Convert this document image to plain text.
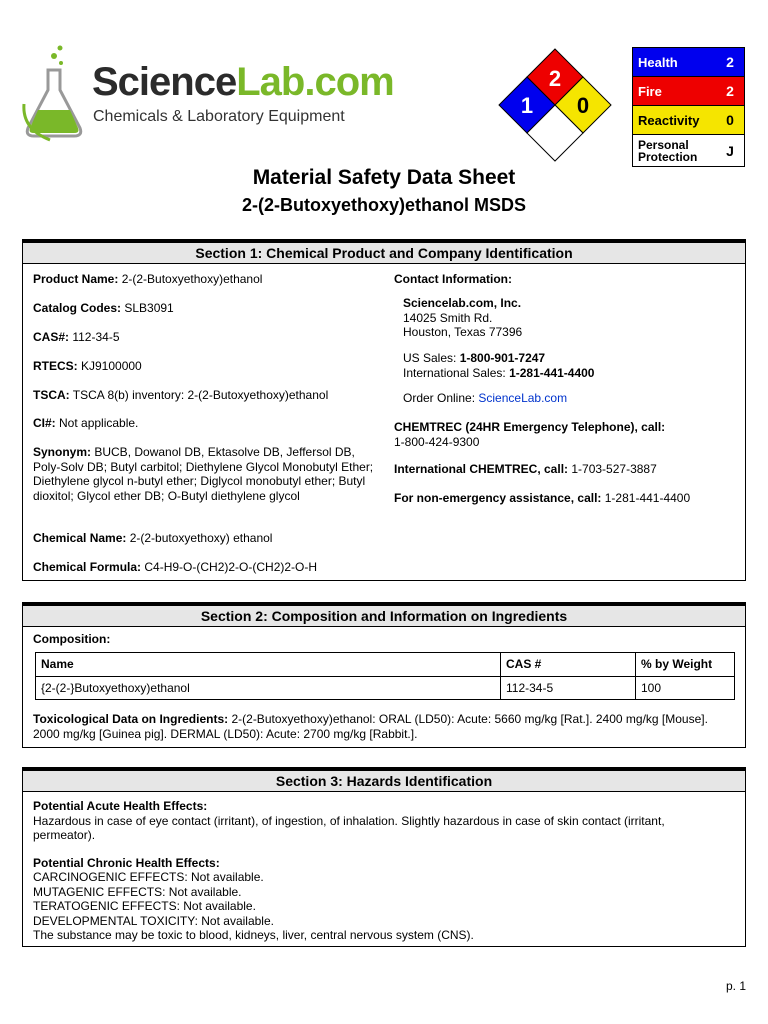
ScienceLab.com
Chemicals & Laboratory Equipment
2
1 0
Health	2
Fire	2
Reactivity	0
Personal
Protection	J
Material Safety Data Sheet
2-(2-Butoxyethoxy)ethanol MSDS
Section 1: Chemical Product and Company Identification
Product Name: 2-(2-Butoxyethoxy)ethanol
Catalog Codes: SLB3091
CAS#: 112-34-5
RTECS: KJ9100000
TSCA: TSCA 8(b) inventory: 2-(2-Butoxyethoxy)ethanol
CI#: Not applicable.
Synonym: BUCB, Dowanol DB, Ektasolve DB, Jeffersol DB, Poly-Solv DB; Butyl carbitol; Diethylene Glycol Monobutyl Ether; Diethylene glycol n-butyl ether; Diglycol monobutyl ether; Butyl dioxitol; Glycol ether DB; O-Butyl diethylene glycol
Chemical Name: 2-(2-butoxyethoxy) ethanol
Chemical Formula: C4-H9-O-(CH2)2-O-(CH2)2-O-H
Contact Information:
Sciencelab.com, Inc.
14025 Smith Rd.
Houston, Texas 77396
US Sales: 1-800-901-7247
International Sales: 1-281-441-4400
Order Online: ScienceLab.com
CHEMTREC (24HR Emergency Telephone), call:
1-800-424-9300
International CHEMTREC, call: 1-703-527-3887
For non-emergency assistance, call: 1-281-441-4400
Section 2: Composition and Information on Ingredients
Composition:
Name	CAS #	% by Weight
{2-(2-}Butoxyethoxy)ethanol	112-34-5	100
Toxicological Data on Ingredients: 2-(2-Butoxyethoxy)ethanol: ORAL (LD50): Acute: 5660 mg/kg [Rat.]. 2400 mg/kg [Mouse]. 2000 mg/kg [Guinea pig]. DERMAL (LD50): Acute: 2700 mg/kg [Rabbit.].
Section 3: Hazards Identification
Potential Acute Health Effects:
Hazardous in case of eye contact (irritant), of ingestion, of inhalation. Slightly hazardous in case of skin contact (irritant, permeator).
Potential Chronic Health Effects:
CARCINOGENIC EFFECTS: Not available.
MUTAGENIC EFFECTS: Not available.
TERATOGENIC EFFECTS: Not available.
DEVELOPMENTAL TOXICITY: Not available.
The substance may be toxic to blood, kidneys, liver, central nervous system (CNS).
p. 1
